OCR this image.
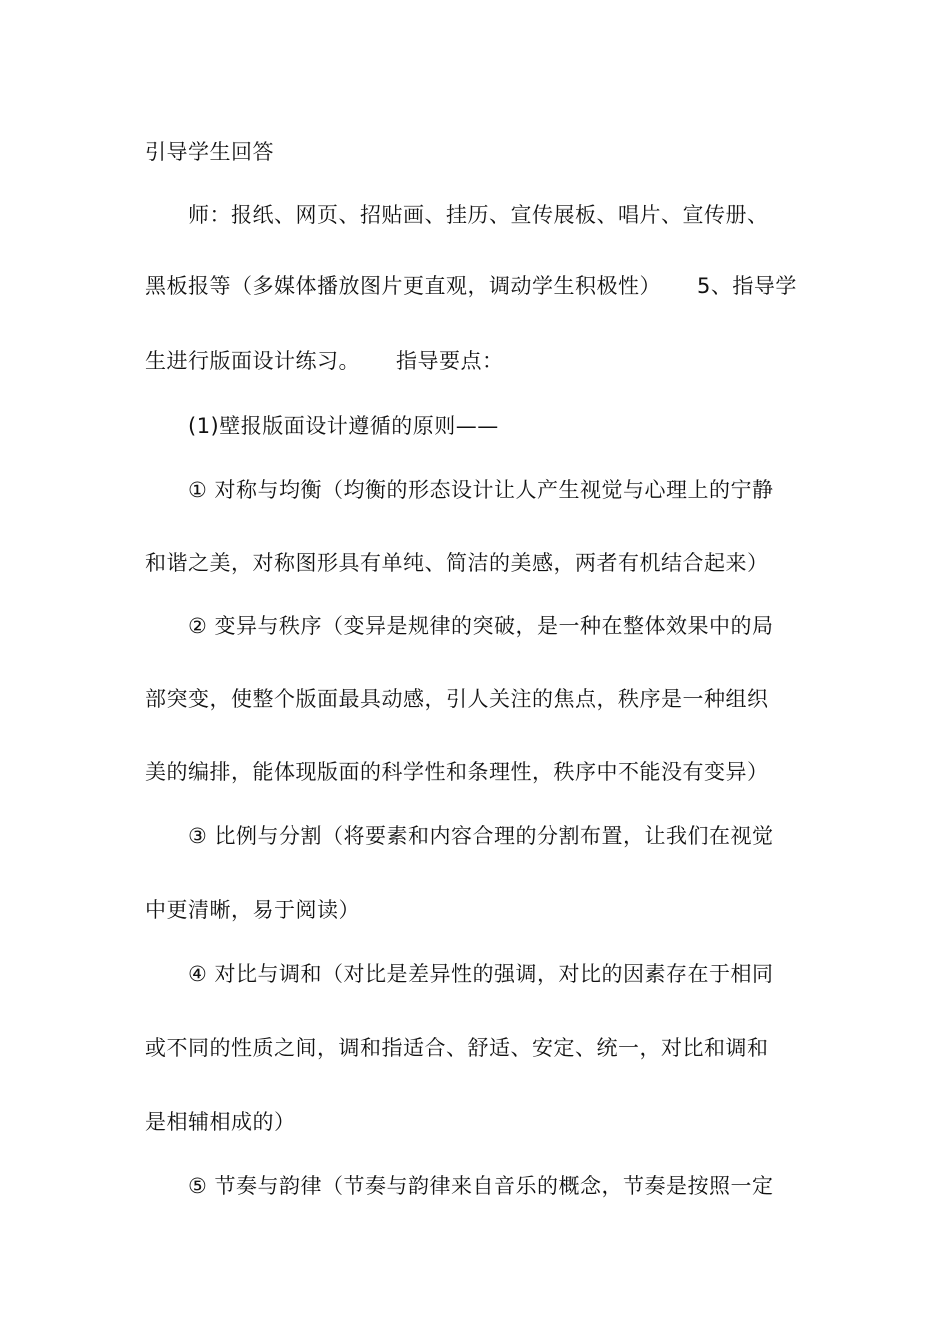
引导学生回答
师：报纸、网页、招贴画、挂历、宣传展板、唱片、宣传册、
黑板报等（多媒体播放图片更直观，调动学生积极性） 5、指导学
生进行版面设计练习。 指导要点：
(1)壁报版面设计遵循的原则——
① 对称与均衡（均衡的形态设计让人产生视觉与心理上的宁静
和谐之美，对称图形具有单纯、简洁的美感，两者有机结合起来）
② 变异与秩序（变异是规律的突破，是一种在整体效果中的局
部突变，使整个版面最具动感，引人关注的焦点，秩序是一种组织
美的编排，能体现版面的科学性和条理性，秩序中不能没有变异）
③ 比例与分割（将要素和内容合理的分割布置，让我们在视觉
中更清晰，易于阅读）
④ 对比与调和（对比是差异性的强调，对比的因素存在于相同
或不同的性质之间，调和指适合、舒适、安定、统一，对比和调和
是相辅相成的）
⑤ 节奏与韵律（节奏与韵律来自音乐的概念，节奏是按照一定
